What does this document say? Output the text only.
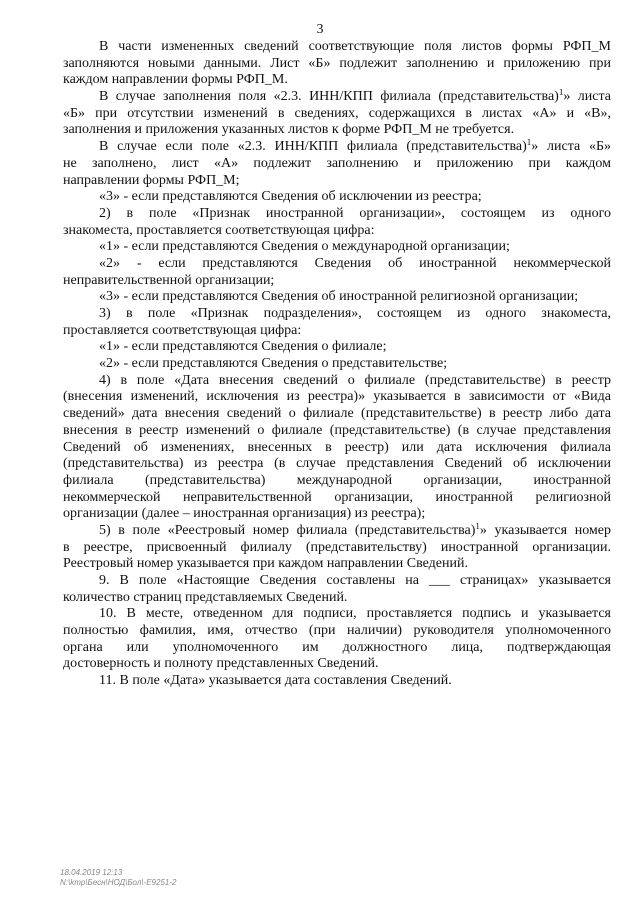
3
В части измененных сведений соответствующие поля листов формы РФП_М
заполняются новыми данными. Лист «Б» подлежит заполнению и приложению при
каждом направлении формы РФП_М.
В случае заполнения поля «2.3. ИНН/КПП филиала (представительства)$^1$» листа
«Б» при отсутствии изменений в сведениях, содержащихся в листах «А» и «В»,
заполнения и приложения указанных листов к форме РФП_М не требуется.
В случае если поле «2.3. ИНН/КПП филиала (представительства)$^1$» листа «Б»
не заполнено, лист «А» подлежит заполнению и приложению при каждом
направлении формы РФП_М;
«3» - если представляются Сведения об исключении из реестра;
2) в поле «Признак иностранной организации», состоящем из одного
знакоместа, проставляется соответствующая цифра:
«1» - если представляются Сведения о международной организации;
«2» - если представляются Сведения об иностранной некоммерческой
неправительственной организации;
«3» - если представляются Сведения об иностранной религиозной организации;
3) в поле «Признак подразделения», состоящем из одного знакоместа,
проставляется соответствующая цифра:
«1» - если представляются Сведения о филиале;
«2» - если представляются Сведения о представительстве;
4) в поле «Дата внесения сведений о филиале (представительстве) в реестр
(внесения изменений, исключения из реестра)» указывается в зависимости от «Вида
сведений» дата внесения сведений о филиале (представительстве) в реестр либо дата
внесения в реестр изменений о филиале (представительстве) (в случае представления
Сведений об изменениях, внесенных в реестр) или дата исключения филиала
(представительства) из реестра (в случае представления Сведений об исключении
филиала (представительства) международной организации, иностранной
некоммерческой неправительственной организации, иностранной религиозной
организации (далее – иностранная организация) из реестра);
5) в поле «Реестровый номер филиала (представительства)$^1$» указывается номер
в реестре, присвоенный филиалу (представительству) иностранной организации.
Реестровый номер указывается при каждом направлении Сведений.
9. В поле «Настоящие Сведения составлены на ___ страницах» указывается
количество страниц представляемых Сведений.
10. В месте, отведенном для подписи, проставляется подпись и указывается
полностью фамилия, имя, отчество (при наличии) руководителя уполномоченного
органа или уполномоченного им должностного лица, подтверждающая
достоверность и полноту представленных Сведений.
11. В поле «Дата» указывается дата составления Сведений.
18.04.2019 12:13
N:\kmp\Бесн\НОД\Бол\-Е9251-2
